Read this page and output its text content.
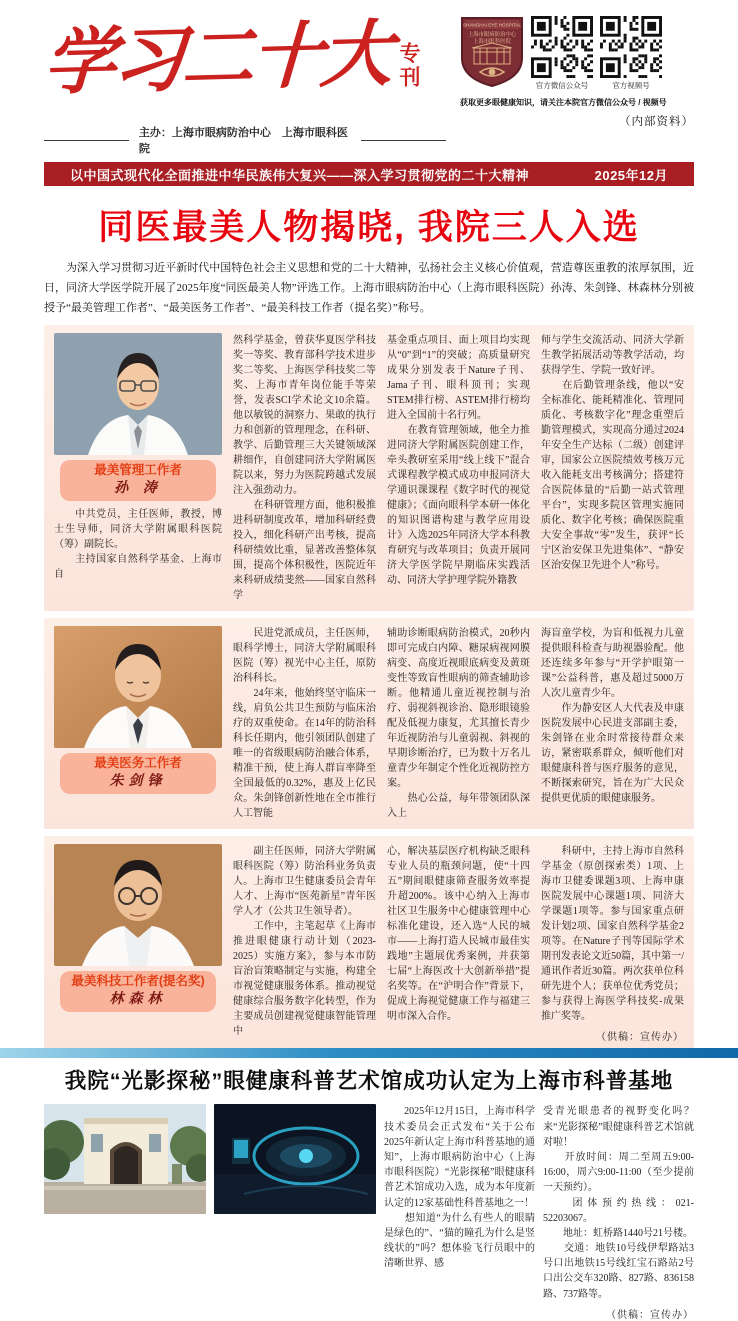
学习二十大 专刊
主办：上海市眼病防治中心　上海市眼科医院
SHANGHAI EYE HOSPITAL
上海市眼病防治中心
上海市眼科医院
官方微信公众号	官方视频号
获取更多眼健康知识，请关注本院官方微信公众号 / 视频号
（内部资料）
以中国式现代化全面推进中华民族伟大复兴——深入学习贯彻党的二十大精神	2025年12月
同医最美人物揭晓, 我院三人入选
　　为深入学习贯彻习近平新时代中国特色社会主义思想和党的二十大精神，弘扬社会主义核心价值观，营造尊医重教的浓厚氛围，近日，同济大学医学院开展了2025年度“同医最美人物”评选工作。上海市眼病防治中心（上海市眼科医院）孙涛、朱剑锋、林森林分别被授予“最美管理工作者”、“最美医务工作者”、“最美科技工作者（提名奖）”称号。
最美管理工作者
孙 涛

　　中共党员，主任医师，教授，博士生导师，同济大学附属眼科医院（筹）副院长。

　　主持国家自然科学基金、上海市自

然科学基金，曾获华夏医学科技奖一等奖、教育部科学技术进步奖二等奖、上海医学科技奖二等奖、上海市青年岗位能手等荣誉，发表SCI学术论文10余篇。他以敏锐的洞察力、果敢的执行力和创新的管理理念，在科研、教学、后勤管理三大关键领域深耕细作，自创建同济大学附属医院以来，努力为医院跨越式发展注入强劲动力。

　　在科研管理方面，他积极推进科研制度改革，增加科研经费投入，细化科研产出考核，提高科研绩效比重，显著改善整体氛围，提高个体积极性，医院近年来科研成绩斐然——国家自然科学

基金重点项目、面上项目均实现从“0”到“1”的突破；高质量研究成果分别发表于Nature子刊、Jama子刊、眼科顶刊；实现STEM排行榜、ASTEM排行榜均进入全国前十名行列。

　　在教育管理领域，他全力推进同济大学附属医院创建工作，牵头教研室采用“线上线下”混合式课程教学模式成功申报同济大学通识课课程《数字时代的视觉健康》；《面向眼科学本研一体化的知识图谱构建与教学应用设计》入选2025年同济大学本科教育研究与改革项目；负责开展同济大学医学院早期临床实践活动、同济大学护理学院外籍教

师与学生交流活动、同济大学新生教学拓展活动等教学活动，均获得学生、学院一致好评。

　　在后勤管理条线，他以“安全标准化、能耗精准化、管理同质化、考核数字化”理念重塑后勤管理模式，实现高分通过2024年安全生产达标（二级）创建评审，国家公立医院绩效考核万元收入能耗支出考核满分；搭建符合医院体量的“后勤一站式管理平台”，实现多院区管理实施同质化、数字化考核；确保医院重大安全事故“零”发生，获评“长宁区治安保卫先进集体”、“静安区治安保卫先进个人”称号。

最美医务工作者
朱剑锋

　　民进党派成员，主任医师，眼科学博士，同济大学附属眼科医院（筹）视光中心主任，原防治科科长。

　　24年来，他始终坚守临床一线，肩负公共卫生预防与临床治疗的双重使命。在14年的防治科科长任期内，他引领团队创建了唯一的省级眼病防治融合体系，精准干预，使上海人群盲率降至全国最低的0.32%，惠及上亿民众。朱剑锋创新性地在全市推行人工智能

辅助诊断眼病防治模式，20秒内即可完成白内障、糖尿病视网膜病变、高度近视眼底病变及黄斑变性等致盲性眼病的筛查辅助诊断。他精通儿童近视控制与治疗、弱视斜视诊治、隐形眼镜验配及低视力康复，尤其擅长青少年近视防治与儿童弱视、斜视的早期诊断治疗，已为数十万名儿童青少年制定个性化近视防控方案。

　　热心公益，每年带领团队深入上

海盲童学校，为盲和低视力儿童提供眼科检查与助视器验配。他还连续多年参与“开学护眼第一课”公益科普，惠及超过5000万人次儿童青少年。

　　作为静安区人大代表及申康医院发展中心民进支部副主委，朱剑锋在业余时常接待群众来访，紧密联系群众，倾听他们对眼健康科普与医疗服务的意见，不断探索研究，旨在为广大民众提供更优质的眼健康服务。

最美科技工作者(提名奖)
林森林

　　副主任医师，同济大学附属眼科医院（筹）防治科业务负责人。上海市卫生健康委员会青年人才、上海市“医苑新星”青年医学人才（公共卫生领导者）。

　　工作中，主笔起草《上海市推进眼健康行动计划（2023-2025）实施方案》，参与本市防盲治盲策略制定与实施，构建全市视觉健康服务体系。推动视觉健康综合服务数字化转型，作为主要成员创建视觉健康智能管理中

心，解决基层医疗机构缺乏眼科专业人员的瓶颈问题，使“十四五”期间眼健康筛查服务效率提升超200%。该中心纳入上海市社区卫生服务中心健康管理中心标准化建设，还入选“人民的城市——上海打造人民城市最佳实践地”主题展优秀案例，并获第七届“上海医改十大创新举措”提名奖等。在“沪明合作”背景下，促成上海视觉健康工作与福建三明市深入合作。

　　科研中，主持上海市自然科学基金（原创探索类）1项、上海市卫健委课题3项、上海申康医院发展中心课题1项、同济大学课题1项等。参与国家重点研发计划2项、国家自然科学基金2项等。在Nature子刊等国际学术期刊发表论文近50篇，其中第一/通讯作者近30篇。两次获单位科研先进个人；获单位优秀党员；参与获得上海医学科技奖-成果推广奖等。

（供稿：宣传办）
我院“光影探秘”眼健康科普艺术馆成功认定为上海市科普基地

　　2025年12月15日，上海市科学技术委员会正式发布“关于公布2025年新认定上海市科普基地的通知”，上海市眼病防治中心（上海市眼科医院）“光影探秘”眼健康科普艺术馆成功入选，成为本年度新认定的12家基础性科普基地之一！

　　想知道“为什么有些人的眼睛是绿色的”、“猫的瞳孔为什么是竖线状的”吗？想体验飞行员眼中的清晰世界、感

受青光眼患者的视野变化吗？来“光影探秘”眼健康科普艺术馆就对啦！

　　开放时间：周二至周五9:00-16:00，周六9:00-11:00（至少提前一天预约）。

　　团体预约热线：021-52203067。

　　地址：虹桥路1440号21号楼。

　　交通：地铁10号线伊犁路站3号口出地铁15号线红宝石路站2号口出公交车320路、827路、836158路、737路等。

（供稿：宣传办）
